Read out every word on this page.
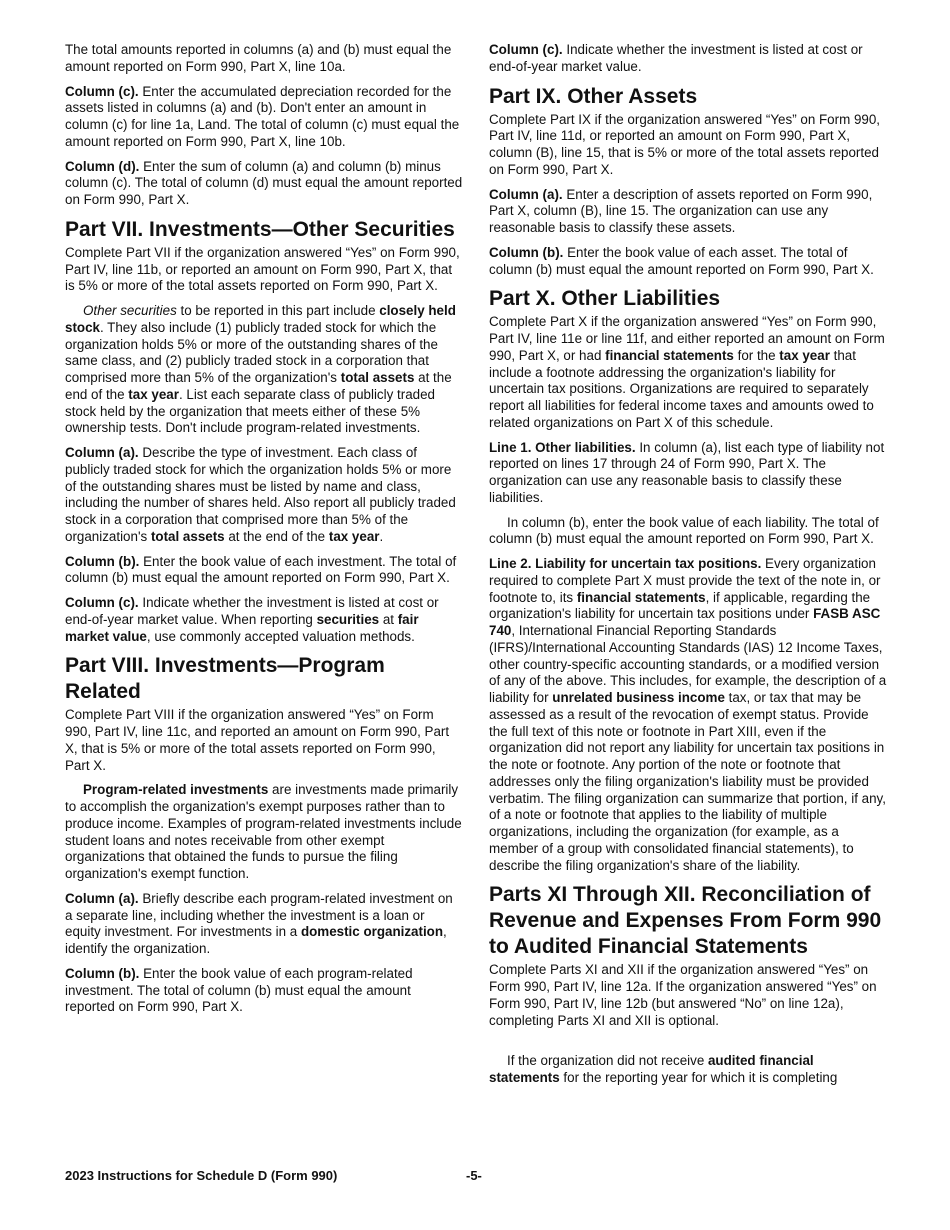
The total amounts reported in columns (a) and (b) must equal the amount reported on Form 990, Part X, line 10a.

Column (c). Enter the accumulated depreciation recorded for the assets listed in columns (a) and (b). Don't enter an amount in column (c) for line 1a, Land. The total of column (c) must equal the amount reported on Form 990, Part X, line 10b.

Column (d). Enter the sum of column (a) and column (b) minus column (c). The total of column (d) must equal the amount reported on Form 990, Part X.

Part VII. Investments—Other Securities

Complete Part VII if the organization answered “Yes” on Form 990, Part IV, line 11b, or reported an amount on Form 990, Part X, that is 5% or more of the total assets reported on Form 990, Part X.

Other securities to be reported in this part include closely held stock. They also include (1) publicly traded stock for which the organization holds 5% or more of the outstanding shares of the same class, and (2) publicly traded stock in a corporation that comprised more than 5% of the organization's total assets at the end of the tax year. List each separate class of publicly traded stock held by the organization that meets either of these 5% ownership tests. Don't include program-related investments.

Column (a). Describe the type of investment. Each class of publicly traded stock for which the organization holds 5% or more of the outstanding shares must be listed by name and class, including the number of shares held. Also report all publicly traded stock in a corporation that comprised more than 5% of the organization's total assets at the end of the tax year.

Column (b). Enter the book value of each investment. The total of column (b) must equal the amount reported on Form 990, Part X.

Column (c). Indicate whether the investment is listed at cost or end-of-year market value. When reporting securities at fair market value, use commonly accepted valuation methods.

Part VIII. Investments—Program Related

Complete Part VIII if the organization answered “Yes” on Form 990, Part IV, line 11c, and reported an amount on Form 990, Part X, that is 5% or more of the total assets reported on Form 990, Part X.

Program-related investments are investments made primarily to accomplish the organization's exempt purposes rather than to produce income. Examples of program-related investments include student loans and notes receivable from other exempt organizations that obtained the funds to pursue the filing organization's exempt function.

Column (a). Briefly describe each program-related investment on a separate line, including whether the investment is a loan or equity investment. For investments in a domestic organization, identify the organization.

Column (b). Enter the book value of each program-related investment. The total of column (b) must equal the amount reported on Form 990, Part X.

Column (c). Indicate whether the investment is listed at cost or end-of-year market value.

Part IX. Other Assets

Complete Part IX if the organization answered “Yes” on Form 990, Part IV, line 11d, or reported an amount on Form 990, Part X, column (B), line 15, that is 5% or more of the total assets reported on Form 990, Part X.

Column (a). Enter a description of assets reported on Form 990, Part X, column (B), line 15. The organization can use any reasonable basis to classify these assets.

Column (b). Enter the book value of each asset. The total of column (b) must equal the amount reported on Form 990, Part X.

Part X. Other Liabilities

Complete Part X if the organization answered “Yes” on Form 990, Part IV, line 11e or line 11f, and either reported an amount on Form 990, Part X, or had financial statements for the tax year that include a footnote addressing the organization's liability for uncertain tax positions. Organizations are required to separately report all liabilities for federal income taxes and amounts owed to related organizations on Part X of this schedule.

Line 1. Other liabilities. In column (a), list each type of liability not reported on lines 17 through 24 of Form 990, Part X. The organization can use any reasonable basis to classify these liabilities.

In column (b), enter the book value of each liability. The total of column (b) must equal the amount reported on Form 990, Part X.

Line 2. Liability for uncertain tax positions. Every organization required to complete Part X must provide the text of the note in, or footnote to, its financial statements, if applicable, regarding the organization's liability for uncertain tax positions under FASB ASC 740, International Financial Reporting Standards (IFRS)/International Accounting Standards (IAS) 12 Income Taxes, other country-specific accounting standards, or a modified version of any of the above. This includes, for example, the description of a liability for unrelated business income tax, or tax that may be assessed as a result of the revocation of exempt status. Provide the full text of this note or footnote in Part XIII, even if the organization did not report any liability for uncertain tax positions in the note or footnote. Any portion of the note or footnote that addresses only the filing organization's liability must be provided verbatim. The filing organization can summarize that portion, if any, of a note or footnote that applies to the liability of multiple organizations, including the organization (for example, as a member of a group with consolidated financial statements), to describe the filing organization's share of the liability.

Parts XI Through XII. Reconciliation of Revenue and Expenses From Form 990 to Audited Financial Statements

Complete Parts XI and XII if the organization answered “Yes” on Form 990, Part IV, line 12a. If the organization answered “Yes” on Form 990, Part IV, line 12b (but answered “No” on line 12a), completing Parts XI and XII is optional.

If the organization did not receive audited financial statements for the reporting year for which it is completing

2023 Instructions for Schedule D (Form 990)	-5-
